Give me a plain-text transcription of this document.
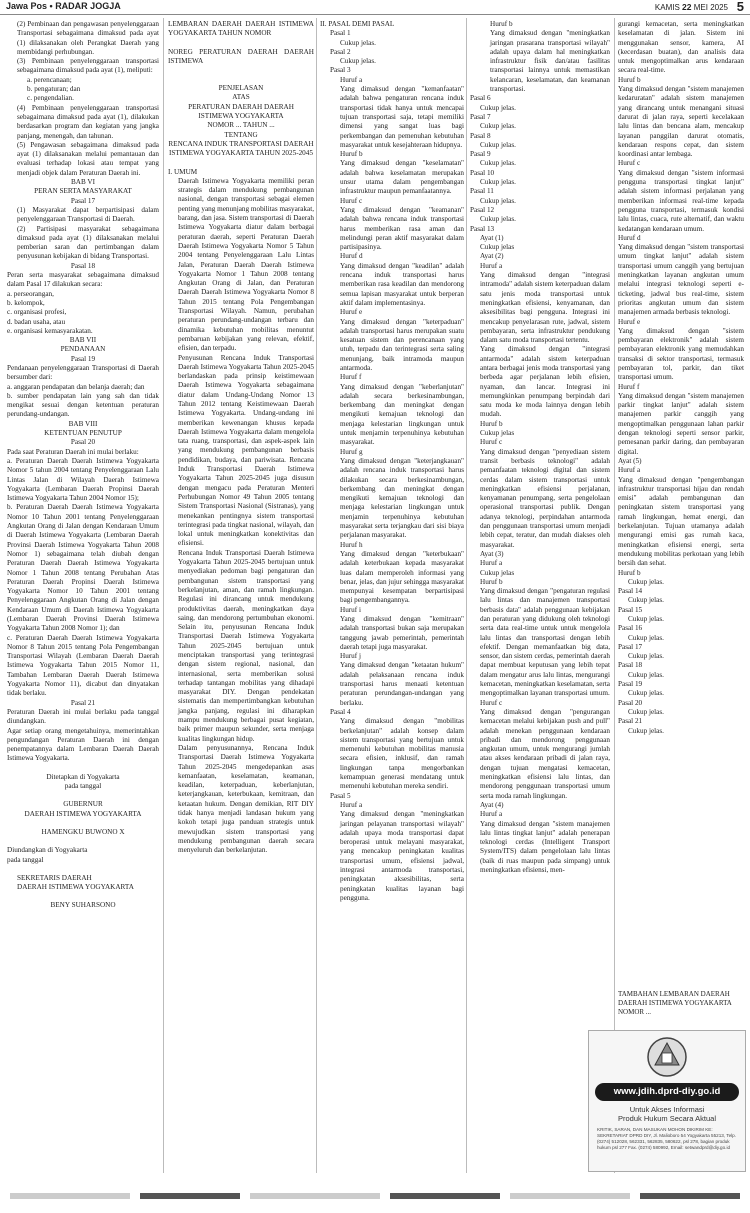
Jawa Pos • RADAR JOGJA	KAMIS 22 MEI 2025 5

(2) Pembinaan dan pengawasan penyelenggaraan Transportasi sebagaimana dimaksud pada ayat (1) dilaksanakan oleh Perangkat Daerah yang membidangi perhubungan.

(3) Pembinaan penyelenggaraan transportasi sebagaimana dimaksud pada ayat (1), meliputi:

a. perencanaan;

b. pengaturan; dan

c. pengendalian.

(4) Pembinaan penyelenggaraan transportasi sebagaimana dimaksud pada ayat (1), dilakukan berdasarkan program dan kegiatan yang jangka panjang, menengah, dan tahunan.

(5) Pengawasan sebagaimana dimaksud pada ayat (1) dilaksanakan melalui pemantauan dan evaluasi terhadap lokasi atau tempat yang menjadi objek dalam Peraturan Daerah ini.

BAB VI

PERAN SERTA MASYARAKAT

Pasal 17

(1) Masyarakat dapat berpartisipasi dalam penyelenggaraan Transportasi di Daerah.

(2) Partisipasi masyarakat sebagaimana dimaksud pada ayat (1) dilaksanakan melalui pemberian saran dan pertimbangan dalam penyusunan kebijakan di bidang Transportasi.

Pasal 18

Peran serta masyarakat sebagaimana dimaksud dalam Pasal 17 dilakukan secara:

a. perseorangan,

b. kelompok,

c. organisasi profesi,

d. badan usaha, atau

e. organisasi kemasyarakatan.

BAB VII

PENDANAAN

Pasal 19

Pendanaan penyelenggaraan Transportasi di Daerah bersumber dari:

a. anggaran pendapatan dan belanja daerah; dan

b. sumber pendapatan lain yang sah dan tidak mengikat sesuai dengan ketentuan peraturan perundang-undangan.

BAB VIII

KETENTUAN PENUTUP

Pasal 20

Pada saat Peraturan Daerah ini mulai berlaku:

a. Peraturan Daerah Daerah Istimewa Yogyakarta Nomor 5 tahun 2004 tentang Penyelenggaraan Lalu Lintas Jalan di Wilayah Daerah Istimewa Yogyakarta (Lembaran Daerah Propinsi Daerah Istimewa Yogyakarta Tahun 2004 Nomor 15);

b. Peraturan Daerah Daerah Istimewa Yogyakarta Nomor 10 Tahun 2001 tentang Penyelenggaraan Angkutan Orang di Jalan dengan Kendaraan Umum di Daerah Istimewa Yogyakarta (Lembaran Daerah Provinsi Daerah Istimewa Yogyakarta Tahun 2008 Nomor 1) sebagaimana telah diubah dengan Peraturan Daerah Daerah Istimewa Yogyakarta Nomor 1 Tahun 2008 tentang Perubahan Atas Peraturan Daerah Propinsi Daerah Istimewa Yogyakarta Nomor 10 Tahun 2001 tentang Penyelenggaraan Angkutan Orang di Jalan dengan Kendaraan Umum di Daerah Istimewa Yogyakarta (Lembaran Daerah Provinsi Daerah Istimewa Yogyakarta Tahun 2008 Nomor 1); dan

c. Peraturan Daerah Daerah Istimewa Yogyakarta Nomor 8 Tahun 2015 tentang Pola Pengembangan Transportasi Wilayah (Lembaran Daerah Daerah Istimewa Yogyakarta Tahun 2015 Nomor 11, Tambahan Lembaran Daerah Daerah Istimewa Yogyakarta Nomor 11), dicabut dan dinyatakan tidak berlaku.

Pasal 21

Peraturan Daerah ini mulai berlaku pada tanggal diundangkan.

Agar setiap orang mengetahuinya, memerintahkan pengundangan Peraturan Daerah ini dengan penempatannya dalam Lembaran Daerah Daerah Istimewa Yogyakarta.

Ditetapkan di Yogyakarta

pada tanggal

GUBERNUR

DAERAH ISTIMEWA YOGYAKARTA

HAMENGKU BUWONO X

Diundangkan di Yogyakarta

pada tanggal

SEKRETARIS DAERAH

DAERAH ISTIMEWA YOGYAKARTA

BENY SUHARSONO

LEMBARAN DAERAH DAERAH ISTIMEWA YOGYAKARTA TAHUN NOMOR

NOREG PERATURAN DAERAH DAERAH ISTIMEWA

PENJELASAN

ATAS

PERATURAN DAERAH DAERAH

ISTIMEWA YOGYAKARTA

NOMOR ... TAHUN ...

TENTANG

RENCANA INDUK TRANSPORTASI DAERAH ISTIMEWA YOGYAKARTA TAHUN 2025-2045

I. UMUM

Daerah Istimewa Yogyakarta memiliki peran strategis dalam mendukung pembangunan nasional, dengan transportasi sebagai elemen penting yang menunjang mobilitas masyarakat, barang, dan jasa. Sistem transportasi di Daerah Istimewa Yogyakarta diatur dalam berbagai peraturan daerah, seperti Peraturan Daerah Daerah Istimewa Yogyakarta Nomor 5 Tahun 2004 tentang Penyelenggaraan Lalu Lintas Jalan, Peraturan Daerah Daerah Istimewa Yogyakarta Nomor 1 Tahun 2008 tentang Angkutan Orang di Jalan, dan Peraturan Daerah Daerah Istimewa Yogyakarta Nomor 8 Tahun 2015 tentang Pola Pengembangan Transportasi Wilayah. Namun, perubahan peraturan perundang-undangan terbaru dan dinamika kebutuhan mobilitas menuntut pembaruan kebijakan yang relevan, efektif, efisien, dan terpadu.

Penyusunan Rencana Induk Transportasi Daerah Istimewa Yogyakarta Tahun 2025-2045 berlandaskan pada prinsip keistimewaan Daerah Istimewa Yogyakarta sebagaimana diatur dalam Undang-Undang Nomor 13 Tahun 2012 tentang Keistimewaan Daerah Istimewa Yogyakarta. Undang-undang ini memberikan kewenangan khusus kepada Daerah Istimewa Yogyakarta dalam mengelola tata ruang, transportasi, dan aspek-aspek lain yang mendukung pembangunan berbasis pendidikan, budaya, dan pariwisata. Rencana Induk Transportasi Daerah Istimewa Yogyakarta Tahun 2025-2045 juga disusun dengan mengacu pada Peraturan Menteri Perhubungan Nomor 49 Tahun 2005 tentang Sistem Transportasi Nasional (Sistranas), yang menekankan pentingnya sistem transportasi terintegrasi pada tingkat nasional, wilayah, dan lokal untuk meningkatkan konektivitas dan efisiensi.

Rencana Induk Transportasi Daerah Istimewa Yogyakarta Tahun 2025-2045 bertujuan untuk menyediakan pedoman bagi pengaturan dan pembangunan sistem transportasi yang berkelanjutan, aman, dan ramah lingkungan. Regulasi ini dirancang untuk mendukung produktivitas daerah, meningkatkan daya saing, dan mendorong pertumbuhan ekonomi. Selain itu, penyusunan Rencana Induk Transportasi Daerah Istimewa Yogyakarta Tahun 2025-2045 bertujuan untuk menciptakan transportasi yang terintegrasi dengan sistem regional, nasional, dan internasional, serta memberikan solusi terhadap tantangan mobilitas yang dihadapi masyarakat DIY. Dengan pendekatan sistematis dan mempertimbangkan kebutuhan jangka panjang, regulasi ini diharapkan mampu mendukung berbagai pusat kegiatan, baik primer maupun sekunder, serta menjaga kualitas lingkungan hidup.

Dalam penyusunannya, Rencana Induk Transportasi Daerah Istimewa Yogyakarta Tahun 2025-2045 mengedepankan asas kemanfaatan, keselamatan, keamanan, keadilan, keterpaduan, keberlanjutan, keterjangkauan, keterbukaan, kemitraan, dan ketaatan hukum. Dengan demikian, RIT DIY tidak hanya menjadi landasan hukum yang kokoh tetapi juga panduan strategis untuk mewujudkan sistem transportasi yang mendukung pembangunan daerah secara menyeluruh dan berkelanjutan.

II. PASAL DEMI PASAL

Pasal 1

Cukup jelas.

Pasal 2

Cukup jelas.

Pasal 3

Huruf a

Yang dimaksud dengan "kemanfaatan" adalah bahwa pengaturan rencana induk transportasi tidak hanya untuk mencapai tujuan transportasi saja, tetapi memiliki dimensi yang sangat luas bagi perkembangan dan pemenuhan kebutuhan masyarakat untuk kesejahteraan hidupnya.

Huruf b

Yang dimaksud dengan "keselamatan" adalah bahwa keselamatan merupakan unsur utama dalam pengembangan infrastruktur maupun pemanfaatannya.

Huruf c

Yang dimaksud dengan "keamanan" adalah bahwa rencana induk transportasi harus memberikan rasa aman dan melindungi peran aktif masyarakat dalam partisipasinya.

Huruf d

Yang dimaksud dengan "keadilan" adalah rencana induk transportasi harus memberikan rasa keadilan dan mendorong semua lapisan masyarakat untuk berperan aktif dalam implementasinya.

Huruf e

Yang dimaksud dengan "keterpaduan" adalah transportasi harus merupakan suatu kesatuan sistem dan perencanaan yang utuh, terpadu dan terintegrasi serta saling menunjang, baik intramoda maupun antarmoda.

Huruf f

Yang dimaksud dengan "keberlanjutan" adalah secara berkesinambungan, berkembang dan meningkat dengan mengikuti kemajuan teknologi dan menjaga kelestarian lingkungan untuk untuk menjamin terpenuhinya kebutuhan masyarakat.

Huruf g

Yang dimaksud dengan "keterjangkauan" adalah rencana induk transportasi harus dilakukan secara berkesinambungan, berkembang dan meningkat dengan mengikuti kemajuan teknologi dan menjaga kelestarian lingkungan untuk menjamin terpenuhinya kebutuhan masyarakat serta terjangkau dari sisi biaya perjalanan masyarakat.

Huruf h

Yang dimaksud dengan "keterbukaan" adalah keterbukaan kepada masyarakat luas dalam memperoleh informasi yang benar, jelas, dan jujur sehingga masyarakat mempunyai kesempatan berpartisipasi bagi pengembangannya.

Huruf i

Yang dimaksud dengan "kemitraan" adalah transportasi bukan saja merupakan tanggung jawab pemerintah, pemerintah daerah tetapi juga masyarakat.

Huruf j

Yang dimaksud dengan "ketaatan hukum" adalah pelaksanaan rencana induk transportasi harus menaati ketentuan peraturan perundangan-undangan yang berlaku.

Pasal 4

Yang dimaksud dengan "mobilitas berkelanjutan" adalah konsep dalam sistem transportasi yang bertujuan untuk memenuhi kebutuhan mobilitas manusia secara efisien, inklusif, dan ramah lingkungan tanpa mengorbankan kemampuan generasi mendatang untuk memenuhi kebutuhan mereka sendiri.

Pasal 5

Huruf a

Yang dimaksud dengan "meningkatkan jaringan pelayanan transportasi wilayah" adalah upaya moda transportasi dapat beroperasi untuk melayani masyarakat, yang mencakup peningkatan kualitas transportasi umum, efisiensi jadwal, integrasi antarmoda transportasi, peningkatan aksesibilitas, serta peningkatan kualitas layanan bagi pengguna.

Huruf b

Yang dimaksud dengan "meningkatkan jaringan prasarana transportasi wilayah" adalah upaya dalam hal meningkatkan infrastruktur fisik dan/atau fasilitas transportasi lainnya untuk memastikan kelancaran, keselamatan, dan keamanan transportasi.

Pasal 6

Cukup jelas.

Pasal 7

Cukup jelas.

Pasal 8

Cukup jelas.

Pasal 9

Cukup jelas.

Pasal 10

Cukup jelas.

Pasal 11

Cukup jelas.

Pasal 12

Cukup jelas.

Pasal 13

Ayat (1)

Cukup jelas

Ayat (2)

Huruf a

Yang dimaksud dengan "integrasi intramoda" adalah sistem keterpaduan dalam satu jenis moda transportasi untuk meningkatkan efisiensi, kenyamanan, dan aksesibilitas bagi pengguna. Integrasi ini mencakup penyelarasan rute, jadwal, sistem pembayaran, serta infrastruktur pendukung dalam satu moda transportasi tertentu.

Yang dimaksud dengan "integrasi antarmoda" adalah sistem keterpaduan antara berbagai jenis moda transportasi yang berbeda agar perjalanan lebih efisien, nyaman, dan lancar. Integrasi ini memungkinkan penumpang berpindah dari satu moda ke moda lainnya dengan lebih mudah.

Huruf b

Cukup jelas

Huruf c

Yang dimaksud dengan "penyediaan sistem transit berbasis teknologi" adalah pemanfaatan teknologi digital dan sistem cerdas dalam sistem transportasi untuk meningkatkan efisiensi perjalanan, kenyamanan penumpang, serta pengelolaan operasional transportasi publik. Dengan adanya teknologi, perpindahan antarmoda dan penggunaan transportasi umum menjadi lebih cepat, teratur, dan mudah diakses oleh masyarakat.

Ayat (3)

Huruf a

Cukup jelas

Huruf b

Yang dimaksud dengan "pengaturan regulasi lalu lintas dan manajemen transportasi berbasis data" adalah penggunaan kebijakan dan peraturan yang didukung oleh teknologi serta data real-time untuk untuk mengelola lalu lintas dan transportasi dengan lebih efektif. Dengan memanfaatkan big data, sensor, dan sistem cerdas, pemerintah daerah dapat membuat keputusan yang lebih tepat dalam mengatur arus lalu lintas, mengurangi kemacetan, meningkatkan keselamatan, serta mengoptimalkan layanan transportasi umum.

Huruf c

Yang dimaksud dengan "pengurangan kemacetan melalui kebijakan push and pull" adalah menekan penggunaan kendaraan pribadi dan mendorong penggunaan angkutan umum, untuk mengurangi jumlah atau akses kendaraan pribadi di jalan raya, dengan tujuan mengatasi kemacetan, meningkatkan efisiensi lalu lintas, dan mendorong penggunaan transportasi umum serta moda ramah lingkungan.

Ayat (4)

Huruf a

Yang dimaksud dengan "sistem manajemen lalu lintas tingkat lanjut" adalah penerapan teknologi cerdas (Intelligent Transport System/ITS) dalam pengelolaan lalu lintas (baik di ruas maupun pada simpang) untuk meningkatkan efisiensi, men-

gurangi kemacetan, serta meningkatkan keselamatan di jalan. Sistem ini menggunakan sensor, kamera, AI (kecerdasan buatan), dan analisis data untuk mengoptimalkan arus kendaraan secara real-time.

Huruf b

Yang dimaksud dengan "sistem manajemen kedaruratan" adalah sistem manajemen yang dirancang untuk menangani situasi darurat di jalan raya, seperti kecelakaan lalu lintas dan bencana alam, mencakup layanan panggilan darurat otomatis, kendaraan respons cepat, dan sistem koordinasi antar lembaga.

Huruf c

Yang dimaksud dengan "sistem informasi pengguna transportasi tingkat lanjut" adalah sistem informasi perjalanan yang memberikan informasi real-time kepada pengguna transportasi, termasuk kondisi lalu lintas, cuaca, rute alternatif, dan waktu kedatangan kendaraan umum.

Huruf d

Yang dimaksud dengan "sistem transportasi umum tingkat lanjut" adalah sistem transportasi umum canggih yang bertujuan meningkatkan layanan angkutan umum melalui integrasi teknologi seperti e-ticketing, jadwal bus real-time, sistem prioritas angkutan umum dan sistem manajemen armada berbasis teknologi.

Huruf e

Yang dimaksud dengan "sistem pembayaran elektronik" adalah sistem pembayaran elektronik yang memudahkan transaksi di sektor transportasi, termasuk pembayaran tol, parkir, dan tiket transportasi umum.

Huruf f

Yang dimaksud dengan "sistem manajemen parkir tingkat lanjut" adalah sistem manajemen parkir canggih yang mengoptimalkan penggunaan lahan parkir dengan teknologi seperti sensor parkir, pemesanan parkir daring, dan pembayaran digital.

Ayat (5)

Huruf a

Yang dimaksud dengan "pengembangan infrastruktur transportasi hijau dan rendah emisi" adalah pembangunan dan peningkatan sistem transportasi yang ramah lingkungan, hemat energi, dan berkelanjutan. Tujuan utamanya adalah mengurangi emisi gas rumah kaca, meningkatkan efisiensi energi, serta mendukung mobilitas perkotaan yang lebih bersih dan sehat.

Huruf b

Cukup jelas.

Pasal 14

Cukup jelas.

Pasal 15

Cukup jelas.

Pasal 16

Cukup jelas.

Pasal 17

Cukup jelas.

Pasal 18

Cukup jelas.

Pasal 19

Cukup jelas.

Pasal 20

Cukup jelas.

Pasal 21

Cukup jelas.

TAMBAHAN LEMBARAN DAERAH DAERAH ISTIMEWA YOGYAKARTA NOMOR ...
www.jdih.dprd-diy.go.id
Untuk Akses Informasi
Produk Hukum Secara Aktual
KRITIK, SARAN, DAN MASUKAN MOHON DIKIRIM KE: SEKRETARIAT DPRD DIY, Jl. Malioboro 54 Yogyakarta 55213, Telp. (0274) 512028, 562331, 562835, 580622, psl 278, bagian produk hukum psl 277 Fax. (0274) 580992, Email: setwandprd@diy.go.id
